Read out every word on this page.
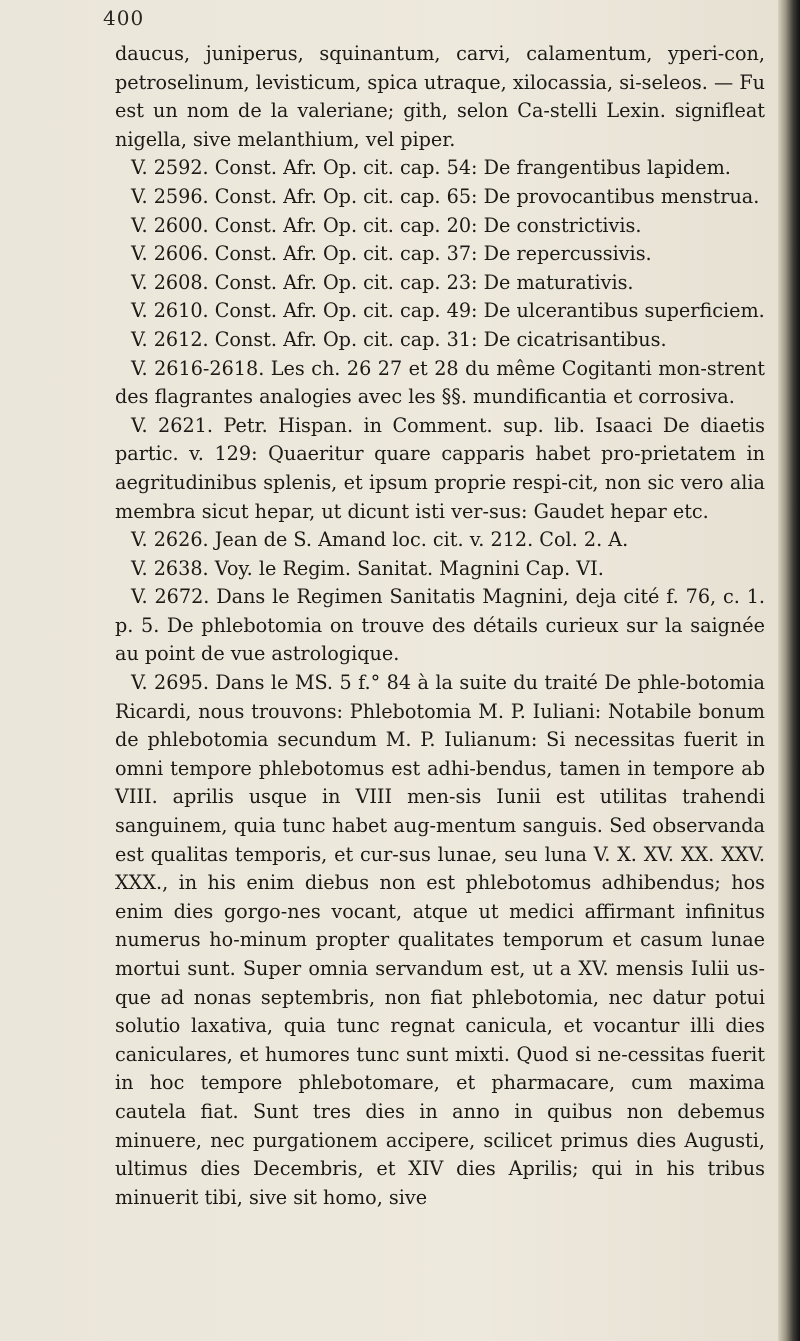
400

daucus, juniperus, squinantum, carvi, calamentum, yperi-con, petroselinum, levisticum, spica utraque, xilocassia, si-seleos. — Fu est un nom de la valeriane; gith, selon Ca-stelli Lexin. signifleat nigella, sive melanthium, vel piper.

V. 2592. Const. Afr. Op. cit. cap. 54: De frangentibus lapidem.

V. 2596. Const. Afr. Op. cit. cap. 65: De provocantibus menstrua.

V. 2600. Const. Afr. Op. cit. cap. 20: De constrictivis.

V. 2606. Const. Afr. Op. cit. cap. 37: De repercussivis.

V. 2608. Const. Afr. Op. cit. cap. 23: De maturativis.

V. 2610. Const. Afr. Op. cit. cap. 49: De ulcerantibus superficiem.

V. 2612. Const. Afr. Op. cit. cap. 31: De cicatrisantibus.

V. 2616-2618. Les ch. 26 27 et 28 du même Cogitanti mon-strent des flagrantes analogies avec les §§. mundificantia et corrosiva.

V. 2621. Petr. Hispan. in Comment. sup. lib. Isaaci De diaetis partic. v. 129: Quaeritur quare capparis habet pro-prietatem in aegritudinibus splenis, et ipsum proprie respi-cit, non sic vero alia membra sicut hepar, ut dicunt isti ver-sus: Gaudet hepar etc.

V. 2626. Jean de S. Amand loc. cit. v. 212. Col. 2. A.

V. 2638. Voy. le Regim. Sanitat. Magnini Cap. VI.

V. 2672. Dans le Regimen Sanitatis Magnini, deja cité f. 76, c. 1. p. 5. De phlebotomia on trouve des détails curieux sur la saignée au point de vue astrologique.

V. 2695. Dans le MS. 5 f.° 84 à la suite du traité De phle-botomia Ricardi, nous trouvons: Phlebotomia M. P. Iuliani: Notabile bonum de phlebotomia secundum M. P. Iulianum: Si necessitas fuerit in omni tempore phlebotomus est adhi-bendus, tamen in tempore ab VIII. aprilis usque in VIII men-sis Iunii est utilitas trahendi sanguinem, quia tunc habet aug-mentum sanguis. Sed observanda est qualitas temporis, et cur-sus lunae, seu luna V. X. XV. XX. XXV. XXX., in his enim diebus non est phlebotomus adhibendus; hos enim dies gorgo-nes vocant, atque ut medici affirmant infinitus numerus ho-minum propter qualitates temporum et casum lunae mortui sunt. Super omnia servandum est, ut a XV. mensis Iulii us-que ad nonas septembris, non fiat phlebotomia, nec datur potui solutio laxativa, quia tunc regnat canicula, et vocantur illi dies caniculares, et humores tunc sunt mixti. Quod si ne-cessitas fuerit in hoc tempore phlebotomare, et pharmacare, cum maxima cautela fiat. Sunt tres dies in anno in quibus non debemus minuere, nec purgationem accipere, scilicet primus dies Augusti, ultimus dies Decembris, et XIV dies Aprilis; qui in his tribus minuerit tibi, sive sit homo, sive
